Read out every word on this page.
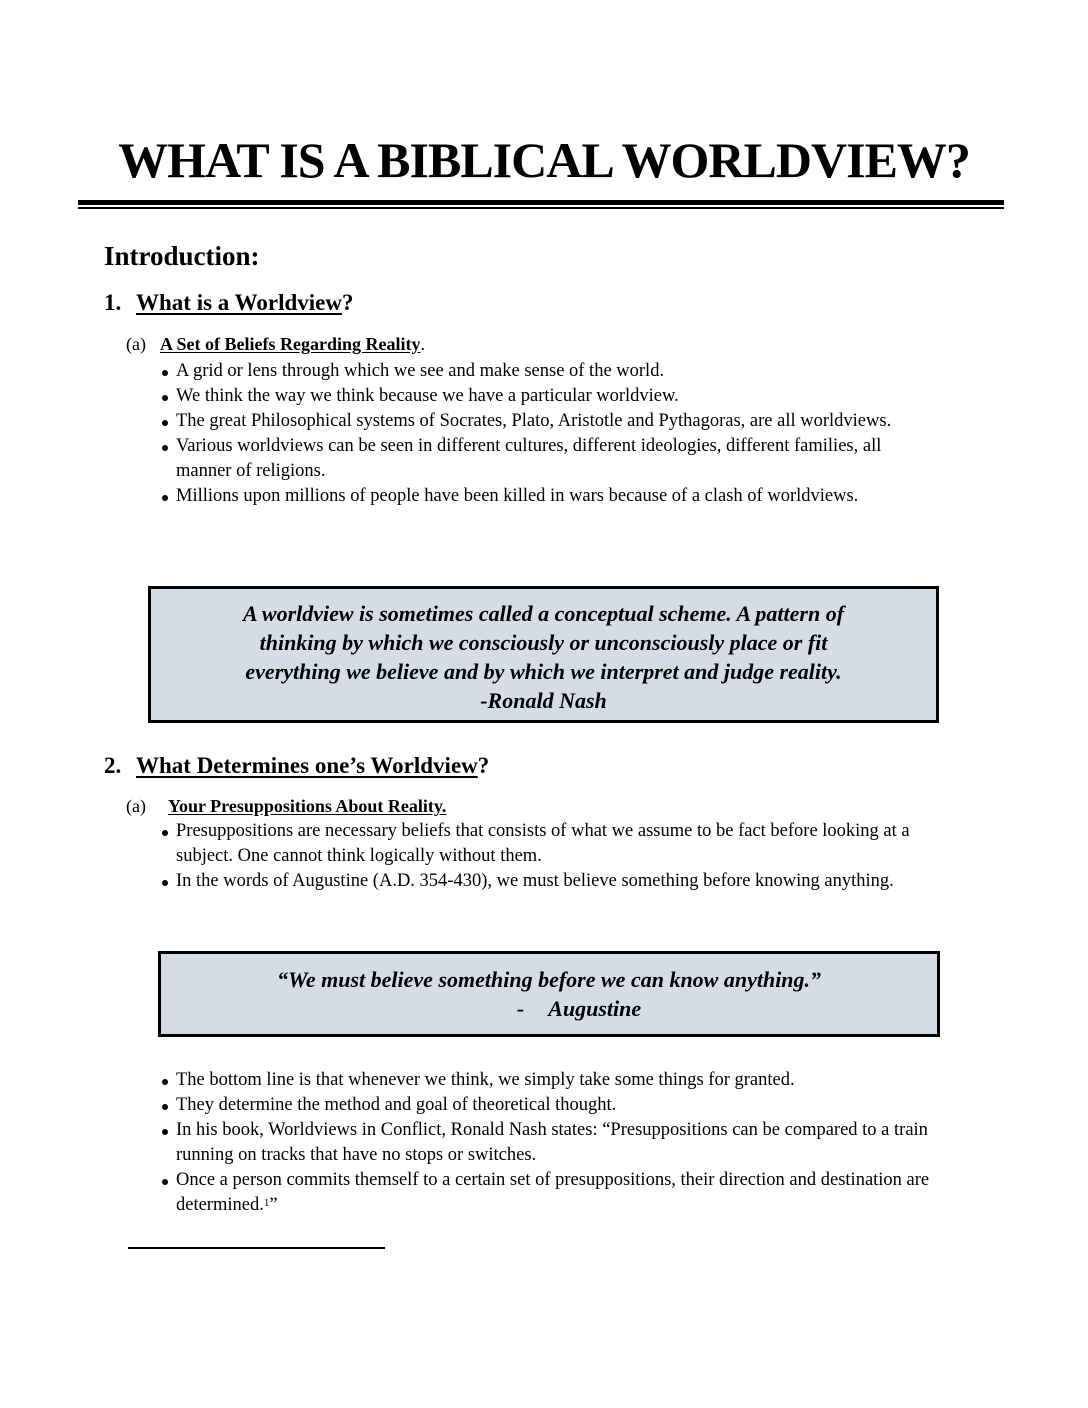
WHAT IS A BIBLICAL WORLDVIEW?
Introduction:
1. What is a Worldview?
(a) A Set of Beliefs Regarding Reality.
A grid or lens through which we see and make sense of the world.
We think the way we think because we have a particular worldview.
The great Philosophical systems of Socrates, Plato, Aristotle and Pythagoras, are all worldviews.
Various worldviews can be seen in different cultures, different ideologies, different families, all manner of religions.
Millions upon millions of people have been killed in wars because of a clash of worldviews.
A worldview is sometimes called a conceptual scheme. A pattern of
thinking by which we consciously or unconsciously place or fit
everything we believe and by which we interpret and judge reality.
-Ronald Nash
2. What Determines one’s Worldview?
(a) Your Presuppositions About Reality.
Presuppositions are necessary beliefs that consists of what we assume to be fact before looking at a subject. One cannot think logically without them.
In the words of Augustine (A.D. 354-430), we must believe something before knowing anything.
“We must believe something before we can know anything.”
- Augustine
The bottom line is that whenever we think, we simply take some things for granted.
They determine the method and goal of theoretical thought.
In his book, Worldviews in Conflict, Ronald Nash states: “Presuppositions can be compared to a train running on tracks that have no stops or switches.
Once a person commits themself to a certain set of presuppositions, their direction and destination are determined.$^1$”
